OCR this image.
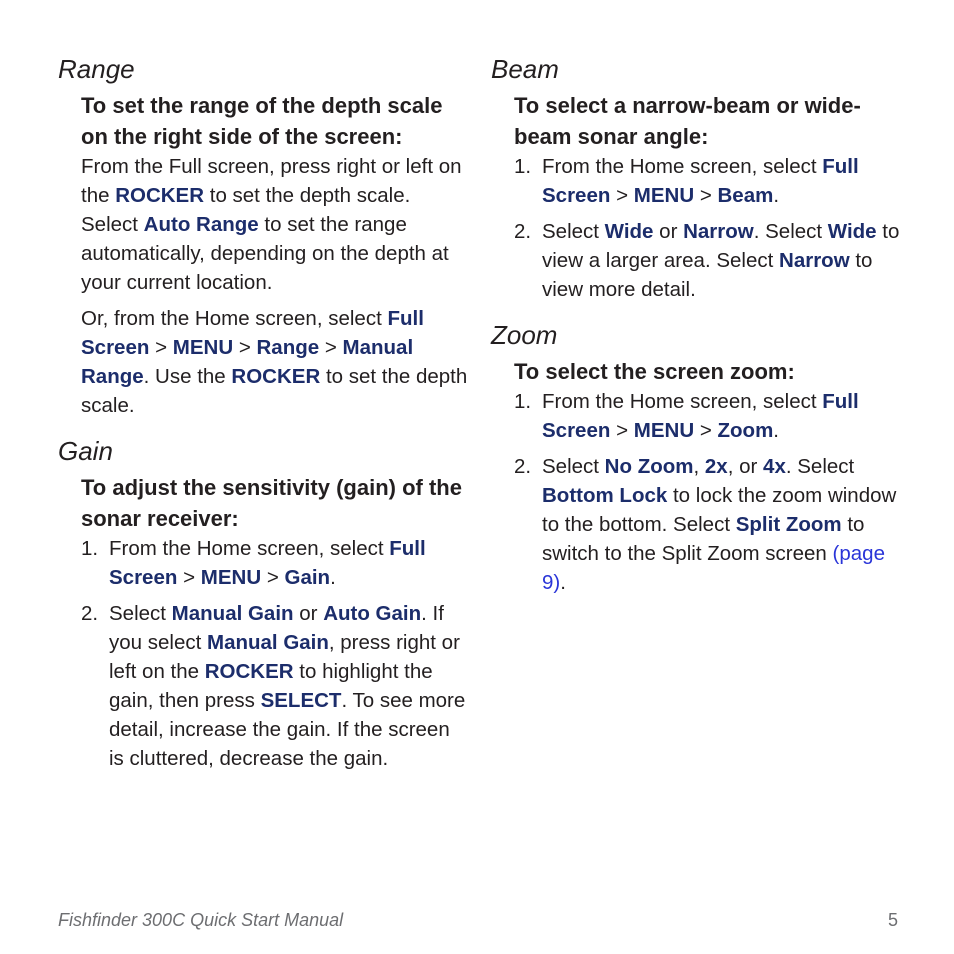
Range
To set the range of the depth scale on the right side of the screen:
From the Full screen, press right or left on the ROCKER to set the depth scale. Select Auto Range to set the range automatically, depending on the depth at your current location.
Or, from the Home screen, select Full Screen > MENU > Range > Manual Range. Use the ROCKER to set the depth scale.
Gain
To adjust the sensitivity (gain) of the sonar receiver:
1. From the Home screen, select Full Screen > MENU > Gain.
2. Select Manual Gain or Auto Gain. If you select Manual Gain, press right or left on the ROCKER to highlight the gain, then press SELECT. To see more detail, increase the gain. If the screen is cluttered, decrease the gain.
Beam
To select a narrow-beam or wide-beam sonar angle:
1. From the Home screen, select Full Screen > MENU > Beam.
2. Select Wide or Narrow. Select Wide to view a larger area. Select Narrow to view more detail.
Zoom
To select the screen zoom:
1. From the Home screen, select Full Screen > MENU > Zoom.
2. Select No Zoom, 2x, or 4x. Select Bottom Lock to lock the zoom window to the bottom. Select Split Zoom to switch to the Split Zoom screen (page 9).
Fishfinder 300C Quick Start Manual	5
